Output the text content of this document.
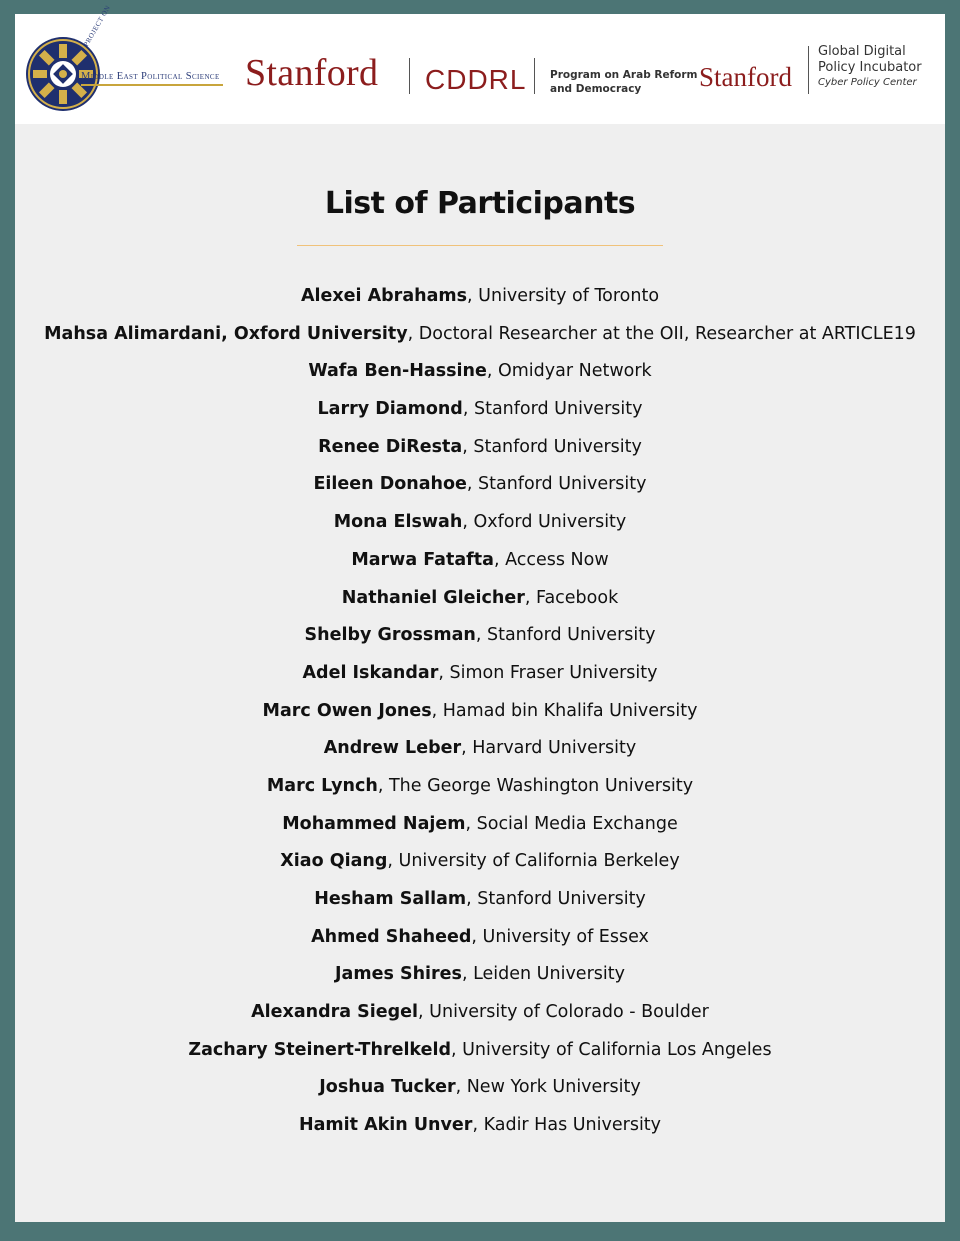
PROJECT ON
Middle East Political Science Stanford CDDRL Program on Arab Reform
and Democracy	Stanford
Global Digital
Policy Incubator
Cyber Policy Center
List of Participants
Alexei Abrahams, University of Toronto
Mahsa Alimardani, Oxford University, Doctoral Researcher at the OII, Researcher at ARTICLE19
Wafa Ben-Hassine, Omidyar Network
Larry Diamond, Stanford University
Renee DiResta, Stanford University
Eileen Donahoe, Stanford University
Mona Elswah, Oxford University
Marwa Fatafta, Access Now
Nathaniel Gleicher, Facebook
Shelby Grossman, Stanford University
Adel Iskandar, Simon Fraser University
Marc Owen Jones, Hamad bin Khalifa University
Andrew Leber, Harvard University
Marc Lynch, The George Washington University
Mohammed Najem, Social Media Exchange
Xiao Qiang, University of California Berkeley
Hesham Sallam, Stanford University
Ahmed Shaheed, University of Essex
James Shires, Leiden University
Alexandra Siegel, University of Colorado - Boulder
Zachary Steinert-Threlkeld, University of California Los Angeles
Joshua Tucker, New York University
Hamit Akin Unver, Kadir Has University
